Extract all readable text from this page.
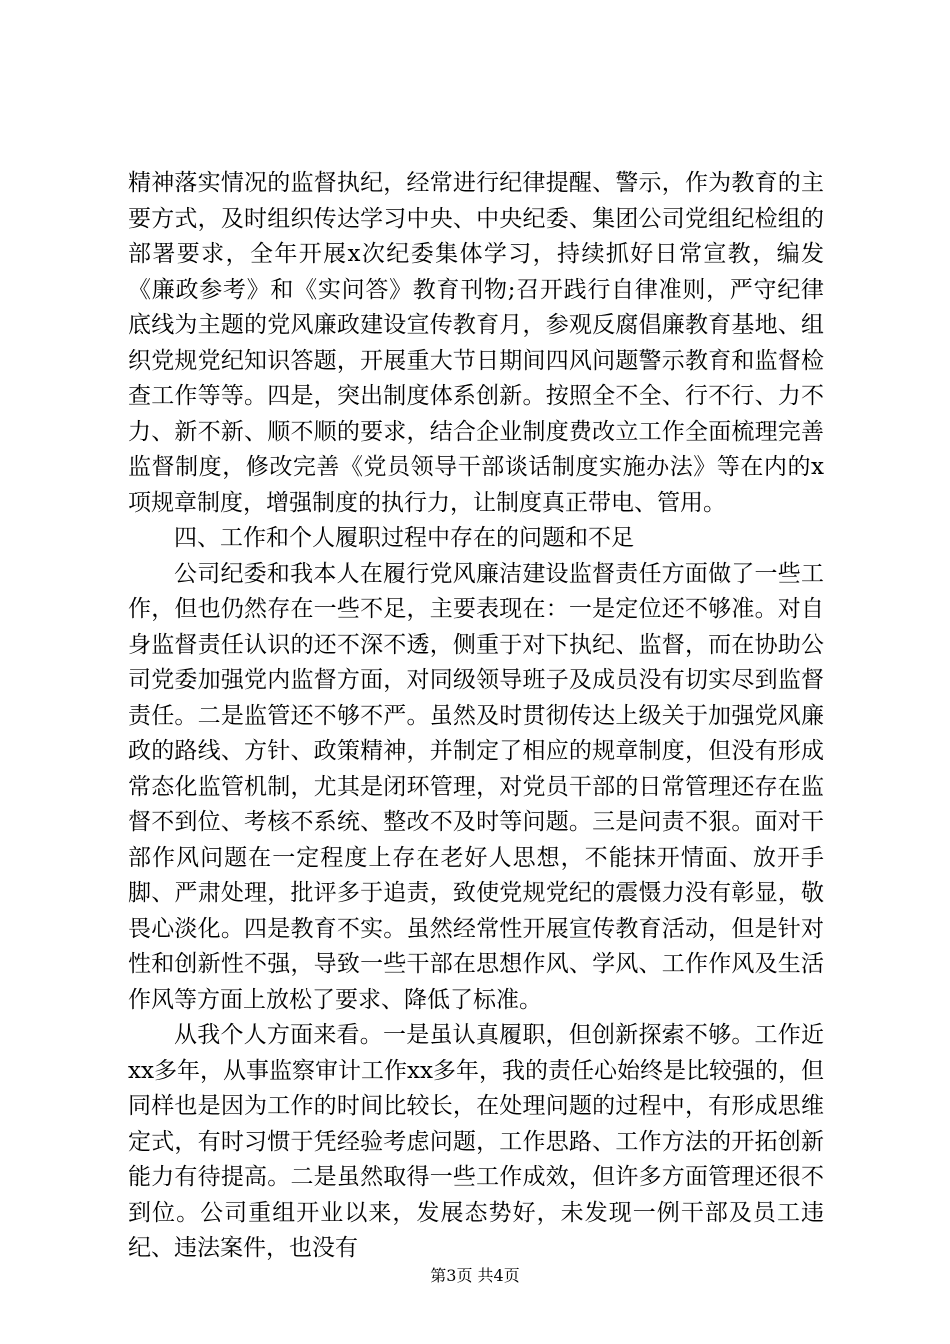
精神落实情况的监督执纪，经常进行纪律提醒、警示，作为教育的主要方式，及时组织传达学习中央、中央纪委、集团公司党组纪检组的部署要求，全年开展x次纪委集体学习，持续抓好日常宣教，编发《廉政参考》和《实问答》教育刊物;召开践行自律准则，严守纪律底线为主题的党风廉政建设宣传教育月，参观反腐倡廉教育基地、组织党规党纪知识答题，开展重大节日期间四风问题警示教育和监督检查工作等等。四是，突出制度体系创新。按照全不全、行不行、力不力、新不新、顺不顺的要求，结合企业制度费改立工作全面梳理完善监督制度，修改完善《党员领导干部谈话制度实施办法》等在内的x项规章制度，增强制度的执行力，让制度真正带电、管用。

四、工作和个人履职过程中存在的问题和不足

公司纪委和我本人在履行党风廉洁建设监督责任方面做了一些工作，但也仍然存在一些不足，主要表现在：一是定位还不够准。对自身监督责任认识的还不深不透，侧重于对下执纪、监督，而在协助公司党委加强党内监督方面，对同级领导班子及成员没有切实尽到监督责任。二是监管还不够不严。虽然及时贯彻传达上级关于加强党风廉政的路线、方针、政策精神，并制定了相应的规章制度，但没有形成常态化监管机制，尤其是闭环管理，对党员干部的日常管理还存在监督不到位、考核不系统、整改不及时等问题。三是问责不狠。面对干部作风问题在一定程度上存在老好人思想，不能抹开情面、放开手脚、严肃处理，批评多于追责，致使党规党纪的震慑力没有彰显，敬畏心淡化。四是教育不实。虽然经常性开展宣传教育活动，但是针对性和创新性不强，导致一些干部在思想作风、学风、工作作风及生活作风等方面上放松了要求、降低了标准。

从我个人方面来看。一是虽认真履职，但创新探索不够。工作近xx多年，从事监察审计工作xx多年，我的责任心始终是比较强的，但同样也是因为工作的时间比较长，在处理问题的过程中，有形成思维定式，有时习惯于凭经验考虑问题，工作思路、工作方法的开拓创新能力有待提高。二是虽然取得一些工作成效，但许多方面管理还很不到位。公司重组开业以来，发展态势好，未发现一例干部及员工违纪、违法案件，也没有

第3页 共4页
